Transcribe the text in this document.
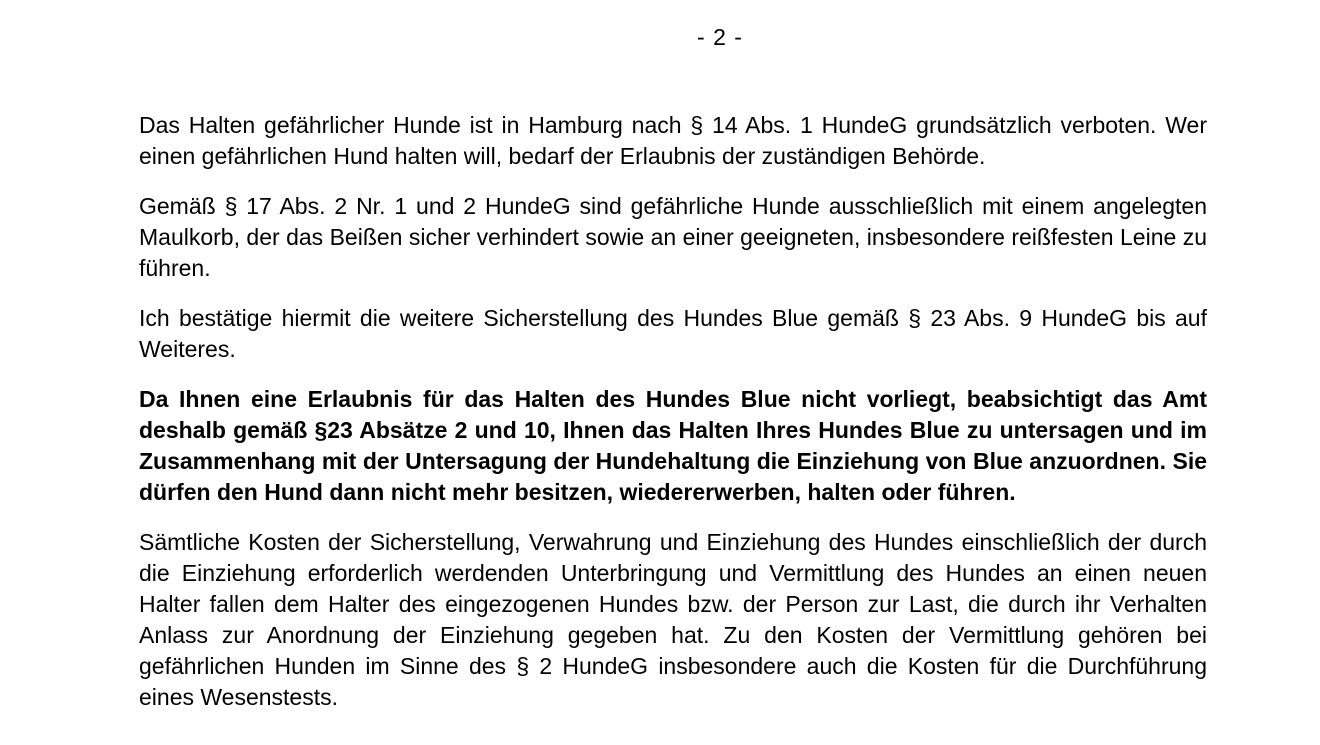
- 2 -

Das Halten gefährlicher Hunde ist in Hamburg nach § 14 Abs. 1 HundeG grundsätzlich verboten. Wer einen gefährlichen Hund halten will, bedarf der Erlaubnis der zuständigen Behörde.

Gemäß § 17 Abs. 2 Nr. 1 und 2 HundeG sind gefährliche Hunde ausschließlich mit einem angelegten Maulkorb, der das Beißen sicher verhindert sowie an einer geeigneten, insbesondere reißfesten Leine zu führen.

Ich bestätige hiermit die weitere Sicherstellung des Hundes Blue gemäß § 23 Abs. 9 HundeG bis auf Weiteres.

Da Ihnen eine Erlaubnis für das Halten des Hundes Blue nicht vorliegt, beabsichtigt das Amt deshalb gemäß §23 Absätze 2 und 10, Ihnen das Halten Ihres Hundes Blue zu untersagen und im Zusammenhang mit der Untersagung der Hundehaltung die Einziehung von Blue anzuordnen. Sie dürfen den Hund dann nicht mehr besitzen, wiedererwerben, halten oder führen.

Sämtliche Kosten der Sicherstellung, Verwahrung und Einziehung des Hundes einschließlich der durch die Einziehung erforderlich werdenden Unterbringung und Vermittlung des Hundes an einen neuen Halter fallen dem Halter des eingezogenen Hundes bzw. der Person zur Last, die durch ihr Verhalten Anlass zur Anordnung der Einziehung gegeben hat. Zu den Kosten der Vermittlung gehören bei gefährlichen Hunden im Sinne des § 2 HundeG insbesondere auch die Kosten für die Durchführung eines Wesenstests.
